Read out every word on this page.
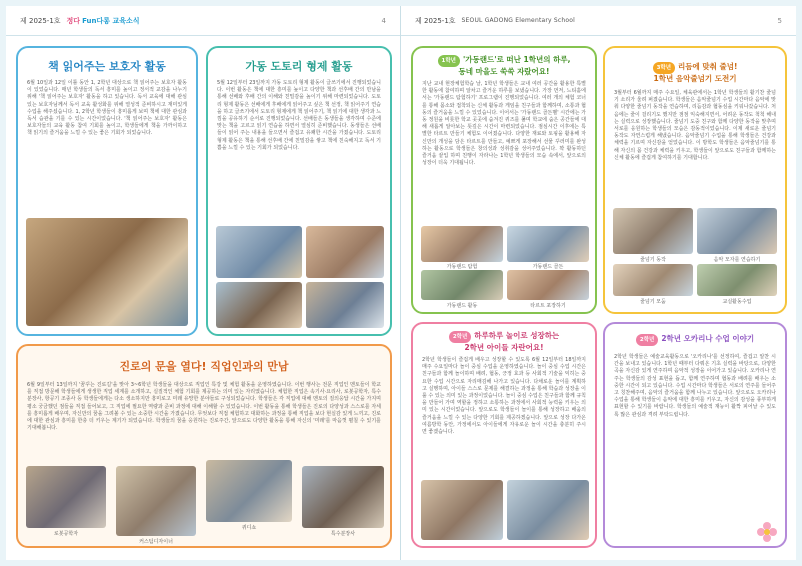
제 2025-1호 정다 Fun다롱 교육소식	4
책 읽어주는 보호자 활동
6월 10일과 12일 이틀 동안 1, 2학년 대상으로 책 읽어주는 보호자 활동이 있었습니다. 매년 학생들의 독서 흥미를 높이고 정서적 교감을 나누기 위해 '책 읽어주는 보호자' 활동을 하고 있습니다. 독서 교육에 대해 관심 있는 보호자님께서 독서 교육 활성화를 위해 열성적 준비하시고 재미있게 수업을 해주셨습니다. 1, 2학년 학생들이 흥미롭게 보며 책에 대한 관심과 독서 습관을 기를 수 있는 시간이었습니다. '책 읽어주는 보호자' 활동은 보호자들의 교육 활동 참여 기회를 높이고, 학생들에게 책을 가까이하고 책 읽기의 즐거움을 느낄 수 있는 좋은 기회가 되었습니다.
가동 도토리 형제 활동
5월 12일부터 23일까지 가동 도토리 형제 활동이 글쓰기에서 진행되었습니다. 이번 활동은 책에 대한 흥미를 높이고 다양한 책과 선후배 간의 만남을 통해 선배와 후배 간의 이해와 친밀감을 높이기 위해 마련되었습니다. 도토리 형제 활동은 선배에게 후배에게 읽어주고 싶은 책 선정, 책 읽어주기 연습을 하고 글쓰기에서 도토리 형제에게 책 읽어주기, 책 읽기에 대한 생각과 느낌을 공유하기 순서로 진행되었습니다. 선배들은 동생들을 생각하며 수준에 맞는 책을 고르고 읽기 연습을 하면서 열심히 준비했습니다. 동생들은 선배들이 읽어 주는 내용을 들으면서 즐겁고 유쾌한 시간을 가졌습니다. 도토리 형제 활동은 책을 통해 선후배 간에 친밀감을 쌓고 책에 친숙해지고 독서 기쁨을 느낄 수 있는 기회가 되었습니다.
진로의 문을 열다! 직업인과의 만남
6월 9일부터 13일까지 '꿈꾸는 진로길'을 맞아 3~6학년 학생들을 대상으로 직업인 특강 및 체험 활동을 운영하였습니다. 이번 행사는 전문 직업인 멘토들이 학교를 직접 방문해 학생들에게 생생한 직업 세계를 소개하고, 실질적인 체험 기회를 제공하는 의미 있는 자리였습니다. 체험한 직업은 속기사·요리사, 로봇공학자, 특수분장사, 항공기 조종사 등 학생들에게는 다소 생소하지만 흥미로고 미래 유망한 분야들로 구성되었습니다. 학생들은 각 직업에 대해 멘토의 질의응답 시간을 가지며 평소 궁금했던 점들을 직접 들어보고, 그 직업에 필요한 역량과 준비 과정에 대해 이해할 수 있었습니다. 이번 활동을 통해 학생들은 진로의 다양성과 스스로를 자세를 흥미롭게 배우며, 자신만의 꿈을 그려볼 수 있는 소중한 시간을 가졌습니다. 무엇보다 직접 체험하고 대화하는 과정을 통해 직업을 보다 현실감 있게 느끼고, 진로에 대한 관심과 흥미를 한층 더 키우는 계기가 되었습니다. 학생들의 꿈을 응원하는 진로주간, 앞으로도 다양한 활동을 통해 자신의 '미래'를 마음껏 펼칠 수 있기를 기대해봅니다.
로봇공학자
커스텀디자이너
퀴디쇼
특수분장사
제 2025-1호 SEOUL GADONG Elementary School	5
1학년 '가동랜드'로 떠난 1학년의 하루,
동네 마을도 쑥쑥 자랐어요!
지난 교내 현장체험학습 날, 1학년 학생들은 교내 여러 공간을 활용한 특별한 활동에 참여하며 알차고 즐거운 하루를 보냈습니다. 가장 먼저, 느티홀에서는 '가동랜드 탐험하기' 프로그램이 진행되었습니다. 여러 개의 체험 코너를 통해 몸소와 접착되는 신체 활동과 게임을 친구들과 함께하며, 소통과 협동의 즐거움을 느낄 수 있었습니다. 이어서는 '가동랜드 골든벨' 시간에는 가동 정원을 비롯한 학교 곳곳에 숨겨진 퀴즈를 풀며 학교에 숨은 공간들에 대해 새롭게 알아보는 뜻깊은 시간이 마련되었습니다. 점심시간 이후에는 특별한 타르트 만들기 체험도 이어졌습니다. 다양한 재료와 토핑을 활용해 자신만의 개성을 담은 타르트를 만들고, 예쁘게 포장해서 선물 꾸러미를 완성하는 활동으로 학생들은 창의성과 성취감을 성어주었습니다. 꽉 활동하던 즐거움 끝입 하며 친행이 자라나는 1학년 학생들의 모습 속에서, 앞으로의 성장이 더욱 기대됩니다.
가동랜드 탐험	가동랜드 골든
가동랜드 활동	타르트 포장하기
3학년 리듬에 맞춰 줄넘!
1학년 음악줄넘기 도전기
3월부터 6월까지 매주 수요일, 체육관에서는 1학년 학생들의 활기찬 줄넘기 소리가 울려 퍼졌습니다. 학생들은 음악줄넘기 수업 시간마다 음악에 맞춰 다양한 줄넘기 동작을 연습하며, 리듬감과 협동심을 키워나갔습니다. 처음에는 줄이 걸리기도 했지만 점점 익숙해지면서, 어려운 동작도 척척 해내는 실력으로 성장했습니다. 줄넘기 도중 친구와 함께 다양한 동작을 맞추며 서로를 응원하는 학생들의 모습은 감동적이었습니다. 이제 새로운 줄넘기 동작도 자연스럽게 해냈습니다. 음악줄넘기 수업을 통해 학생들은 건강과 체력을 기르며 자신감을 얻었습니다. 이 방학도 학생들은 음악줄넘기를 통해 자신의 몸 건강과 체력을 키우고, 학생들이 앞으로도 친구들과 함께하는 신체 활동에 즐겁게 참여하기를 기대합니다.
줄넘기 동작	음악 모자를 연습하기
줄넘기 모둠	교실활동수업
2학년 하루하루 놀이로 성장하는
2학년 아이들 자란어요!
2학년 학생들이 즐겁게 배우고 성장할 수 있도록 6월 12일부터 18일까지 매주 수요일마다 놀이 중심 수업을 운영하였습니다. 놀이 중심 수업 시간은 친구들과 함께 놀이하며 배려, 협동, 긍정 효과 등 사회적 기술을 익히는 중요한 수업 시간으로 자리매김해 나가고 있습니다. 다채로운 놀이를 계획하고 실행하며, 아이들 스스로 문제를 해결하는 과정을 통해 학습과 성장을 이룰 수 있는 의미 있는 과정이었습니다. 놀이 중심 수업은 친구들과 함께 규칙을 만들어 가며 역할을 정하고 소통하는 과정에서 사회적 능력을 키우는 의미 있는 시간이었습니다. 앞으로도 학생들이 놀이를 통해 성장하고 배움의 즐거움을 느낄 수 있는 다양한 기회를 제공하겠습니다. 앞으로 성장 다가온 여름방학 동안, 가정에서도 아이들에게 자유로운 놀이 시간을 충분히 주시면 좋겠습니다.
2학년 2학년 오카리나 수업 이야기
2학년 학생들은 예술교육활동으로 '오카리나'를 선정하여, 즐겁고 알찬 시간을 보내고 있습니다. 1학년 때부터 다뤄온 기초 실력을 바탕으로, 다양한 곡을 자신감 있게 연주하며 음악적 성장을 이어가고 있습니다. 오카리나 연주는 학생들의 감성 표현을 돕고, 함께 연주하며 협동과 배려를 배우는 소중한 시간이 되고 있습니다. 수업 시간마다 학생들은 서로의 연주를 들어주고 칭찬해주며, 음악의 즐거움을 함께 나누고 있습니다. 앞으로도 오카리나 수업을 통해 학생들이 음악에 대한 흥미를 키우고, 자신의 감성을 풍부하게 표현할 수 있기를 바랍니다. 학생들의 예술적 재능이 활짝 피어날 수 있도록 많은 관심과 격려 부탁드립니다.
